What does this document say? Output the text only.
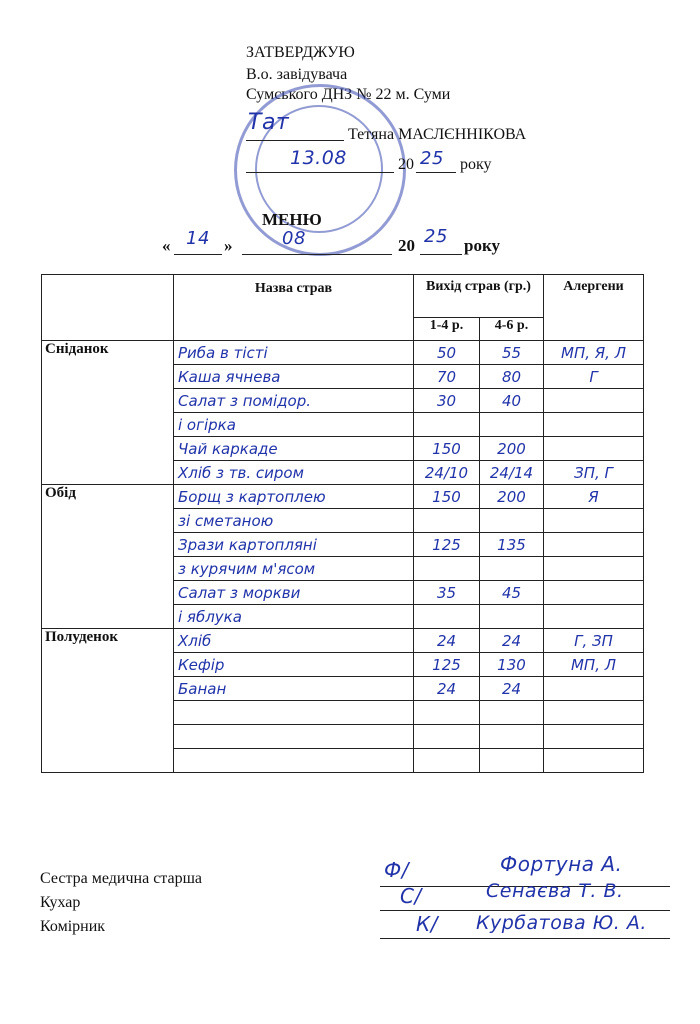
ЗАТВЕРДЖУЮ
В.о. завідувача
Сумського ДНЗ № 22 м. Суми
Тат	Тетяна МАСЛЄННІКОВА
13.08	20 25 року
МЕНЮ
« 14 »	08	20 25 року
	Назва страв	Вихід страв (гр.)		Алергени
		1-4 р.	4-6 р.	
Сніданок	Риба в тісті	50	55	МП, Я, Л
	Каша ячнева	70	80	Г
	Салат з помідор.	30	40	
	і огірка			
	Чай каркаде	150	200	
	Хліб з тв. сиром	24/10	24/14	ЗП, Г
Обід	Борщ з картоплею	150	200	Я
	зі сметаною			
	Зрази картопляні	125	135	
	з курячим м'ясом			
	Салат з моркви	35	45	
	і яблука			
Полуденок	Хліб	24	24	Г, ЗП
	Кефір	125	130	МП, Л
	Банан	24	24	

Сестра медична старша
Кухар
Комірник
Ф/	Фортуна А.
С/	Сенаєва Т. В.
К/ Курбатова Ю. А.
